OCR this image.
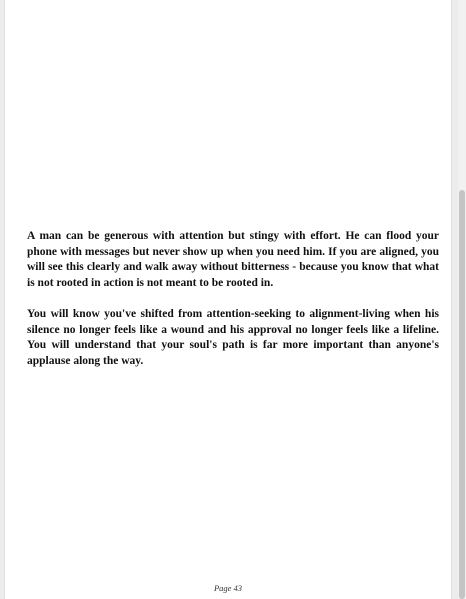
A man can be generous with attention but stingy with effort. He can flood your phone with messages but never show up when you need him. If you are aligned, you will see this clearly and walk away without bitterness - because you know that what is not rooted in action is not meant to be rooted in.

You will know you've shifted from attention-seeking to alignment-living when his silence no longer feels like a wound and his approval no longer feels like a lifeline. You will understand that your soul's path is far more important than anyone's applause along the way.

Page 43
